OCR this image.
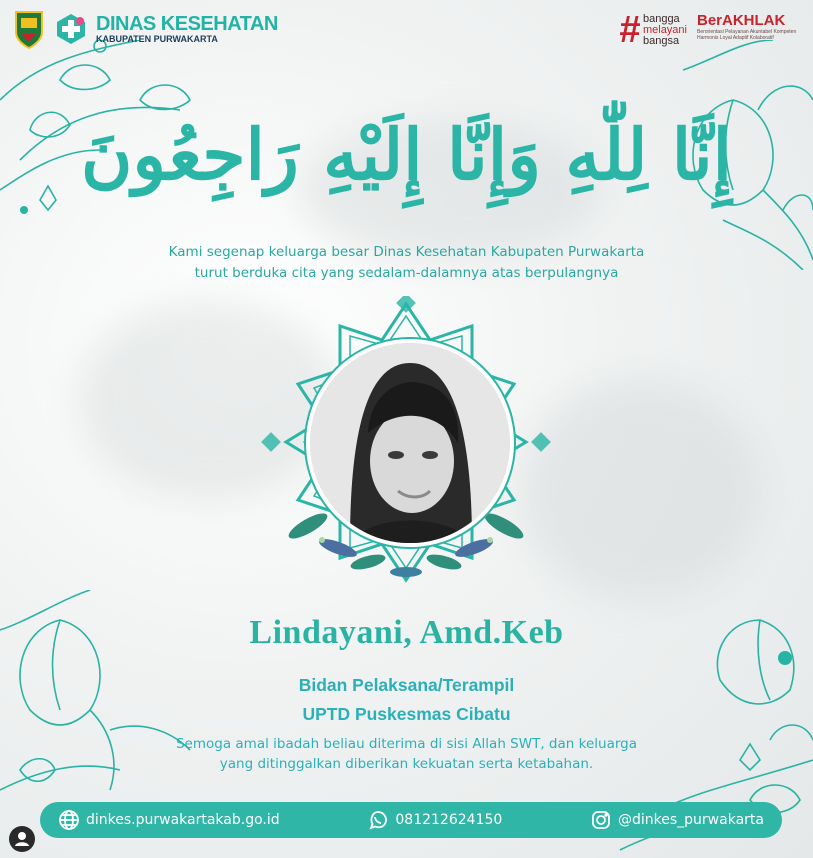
DINAS KESEHATAN
KABUPATEN PURWAKARTA	# bangga
melayani
bangsa
BerAKHLAK
Berorientasi Pelayanan Akuntabel Kompeten Harmonis Loyal Adaptif Kolaboratif
إِنَّا لِلّٰهِ وَإِنَّا إِلَيْهِ رَاجِعُونَ
Kami segenap keluarga besar Dinas Kesehatan Kabupaten Purwakarta
turut berduka cita yang sedalam-dalamnya atas berpulangnya
Lindayani, Amd.Keb
Bidan Pelaksana/Terampil
UPTD Puskesmas Cibatu
Semoga amal ibadah beliau diterima di sisi Allah SWT, dan keluarga
yang ditinggalkan diberikan kekuatan serta ketabahan.
dinkes.purwakartakab.go.id	081212624150	@dinkes_purwakarta
